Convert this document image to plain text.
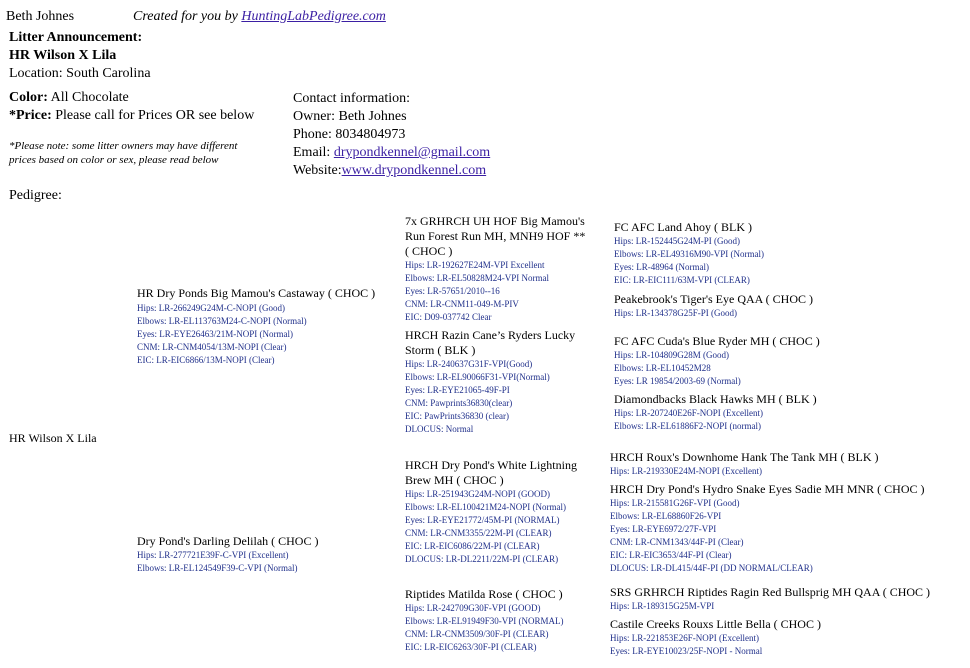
Beth Johnes	Created for you by HuntingLabPedigree.com
Litter Announcement:
HR Wilson X Lila
Location: South Carolina
Color: All Chocolate
*Price: Please call for Prices OR see below
*Please note: some litter owners may have different
prices based on color or sex, please read below
Contact information:
Owner: Beth Johnes
Phone: 8034804973
Email: drypondkennel@gmail.com
Website:www.drypondkennel.com
Pedigree:
HR Wilson X Lila
HR Dry Ponds Big Mamou's Castaway ( CHOC )
Hips: LR-266249G24M-C-NOPI (Good)
Elbows: LR-EL113763M24-C-NOPI (Normal)
Eyes: LR-EYE26463/21M-NOPI (Normal)
CNM: LR-CNM4054/13M-NOPI (Clear)
EIC: LR-EIC6866/13M-NOPI (Clear)
Dry Pond's Darling Delilah ( CHOC )
Hips: LR-277721E39F-C-VPI (Excellent)
Elbows: LR-EL124549F39-C-VPI (Normal)
7x GRHRCH UH HOF Big Mamou's
Run Forest Run MH, MNH9 HOF **
( CHOC )
Hips: LR-192627E24M-VPI Excellent
Elbows: LR-EL50828M24-VPI Normal
Eyes: LR-57651/2010--16
CNM: LR-CNM11-049-M-PIV
EIC: D09-037742 Clear
HRCH Razin Cane’s Ryders Lucky
Storm ( BLK )
Hips: LR-240637G31F-VPI(Good)
Elbows: LR-EL90066F31-VPI(Normal)
Eyes: LR-EYE21065-49F-PI
CNM: Pawprints36830(clear)
EIC: PawPrints36830 (clear)
DLOCUS: Normal
HRCH Dry Pond's White Lightning
Brew MH ( CHOC )
Hips: LR-251943G24M-NOPI (GOOD)
Elbows: LR-EL100421M24-NOPI (Normal)
Eyes: LR-EYE21772/45M-PI (NORMAL)
CNM: LR-CNM3355/22M-PI (CLEAR)
EIC: LR-EIC6086/22M-PI (CLEAR)
DLOCUS: LR-DL2211/22M-PI (CLEAR)
Riptides Matilda Rose ( CHOC )
Hips: LR-242709G30F-VPI (GOOD)
Elbows: LR-EL91949F30-VPI (NORMAL)
CNM: LR-CNM3509/30F-PI (CLEAR)
EIC: LR-EIC6263/30F-PI (CLEAR)
FC AFC Land Ahoy ( BLK )
Hips: LR-152445G24M-PI (Good)
Elbows: LR-EL49316M90-VPI (Normal)
Eyes: LR-48964 (Normal)
EIC: LR-EIC111/63M-VPI (CLEAR)
Peakebrook's Tiger's Eye QAA ( CHOC )
Hips: LR-134378G25F-PI (Good)
FC AFC Cuda's Blue Ryder MH ( CHOC )
Hips: LR-104809G28M (Good)
Elbows: LR-EL10452M28
Eyes: LR 19854/2003-69 (Normal)
Diamondbacks Black Hawks MH ( BLK )
Hips: LR-207240E26F-NOPI (Excellent)
Elbows: LR-EL61886F2-NOPI (normal)
HRCH Roux's Downhome Hank The Tank MH ( BLK )
Hips: LR-219330E24M-NOPI (Excellent)
HRCH Dry Pond's Hydro Snake Eyes Sadie MH MNR ( CHOC )
Hips: LR-215581G26F-VPI (Good)
Elbows: LR-EL68860F26-VPI
Eyes: LR-EYE6972/27F-VPI
CNM: LR-CNM1343/44F-PI (Clear)
EIC: LR-EIC3653/44F-PI (Clear)
DLOCUS: LR-DL415/44F-PI (DD NORMAL/CLEAR)
SRS GRHRCH Riptides Ragin Red Bullsprig MH QAA ( CHOC )
Hips: LR-189315G25M-VPI
Castile Creeks Rouxs Little Bella ( CHOC )
Hips: LR-221853E26F-NOPI (Excellent)
Eyes: LR-EYE10023/25F-NOPI - Normal
